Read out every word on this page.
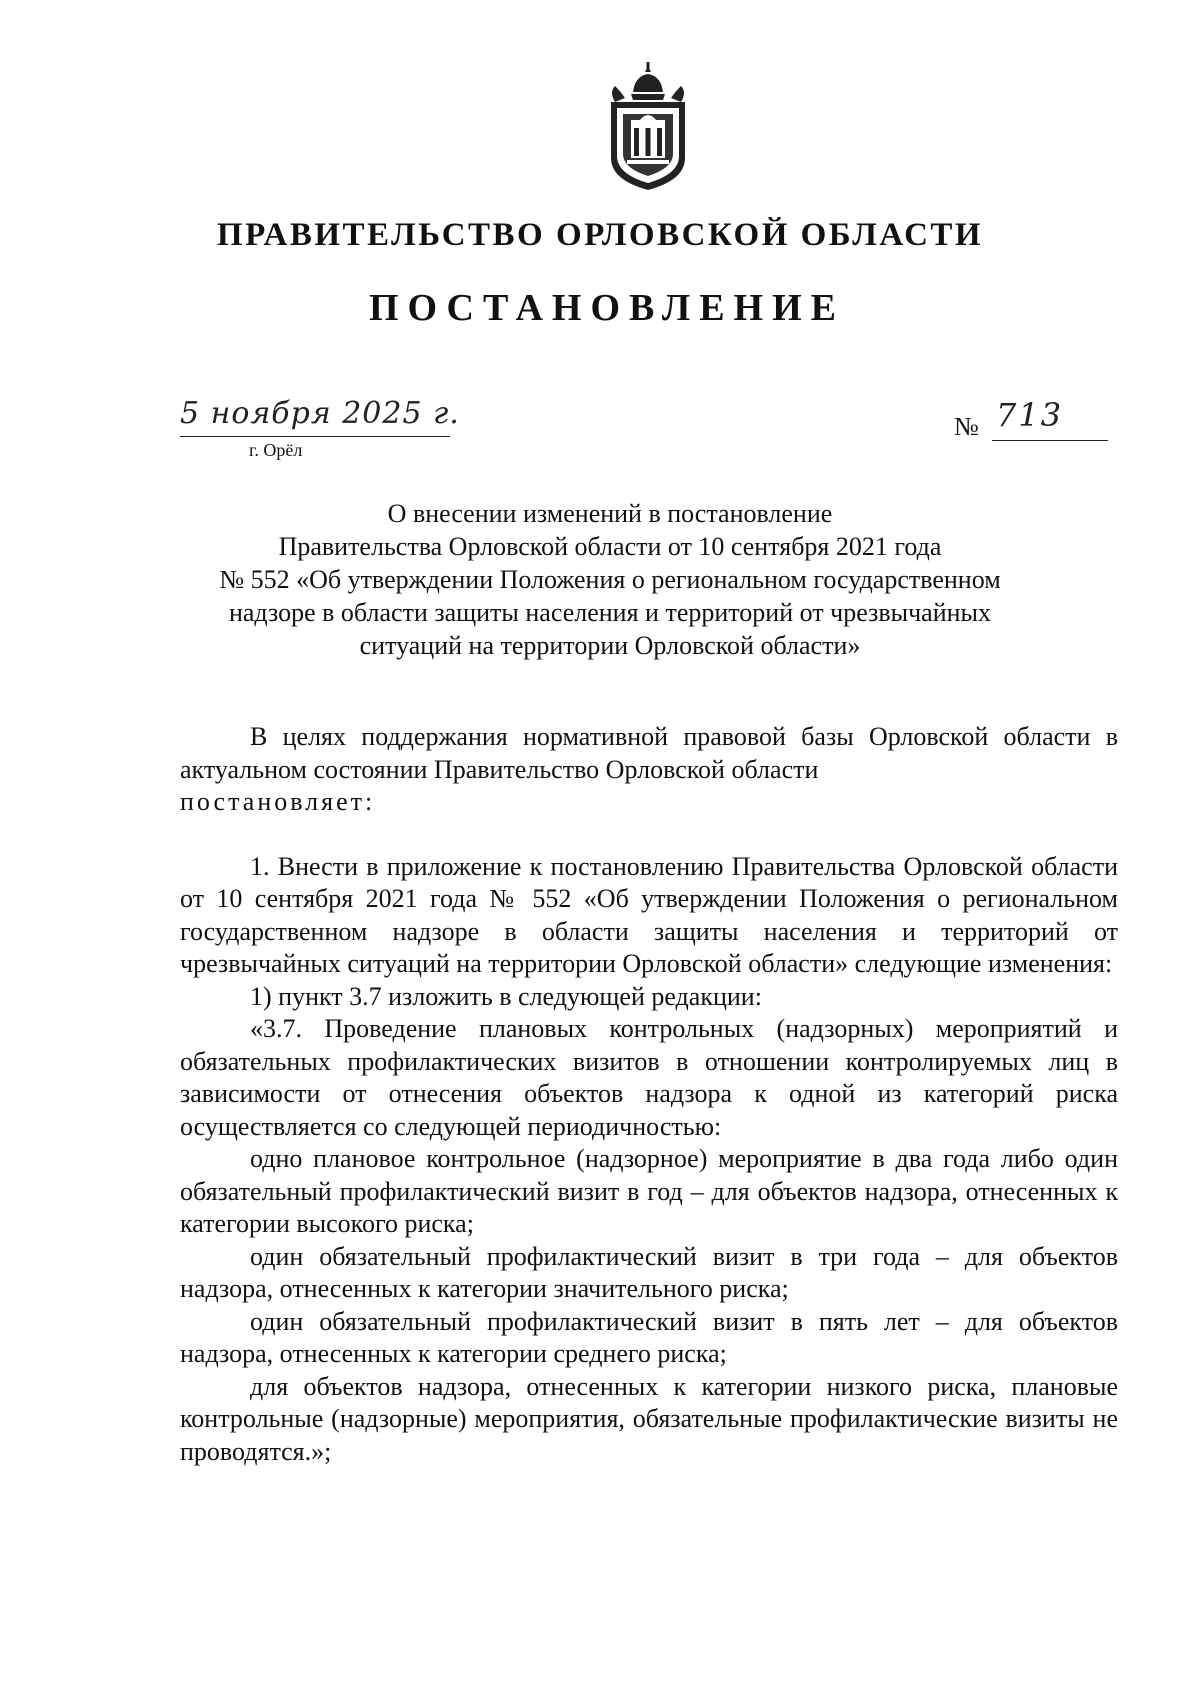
ПРАВИТЕЛЬСТВО ОРЛОВСКОЙ ОБЛАСТИ
ПОСТАНОВЛЕНИЕ
5 ноября 2025 г.
г. Орёл
№ 713
О внесении изменений в постановление
Правительства Орловской области от 10 сентября 2021 года
№ 552 «Об утверждении Положения о региональном государственном
надзоре в области защиты населения и территорий от чрезвычайных
ситуаций на территории Орловской области»

В целях поддержания нормативной правовой базы Орловской области в актуальном состоянии Правительство Орловской области

постановляет:

1. Внести в приложение к постановлению Правительства Орловской области от 10 сентября 2021 года № 552 «Об утверждении Положения о региональном государственном надзоре в области защиты населения и территорий от чрезвычайных ситуаций на территории Орловской области» следующие изменения:

1) пункт 3.7 изложить в следующей редакции:

«3.7. Проведение плановых контрольных (надзорных) мероприятий и обязательных профилактических визитов в отношении контролируемых лиц в зависимости от отнесения объектов надзора к одной из категорий риска осуществляется со следующей периодичностью:

одно плановое контрольное (надзорное) мероприятие в два года либо один обязательный профилактический визит в год – для объектов надзора, отнесенных к категории высокого риска;

один обязательный профилактический визит в три года – для объектов надзора, отнесенных к категории значительного риска;

один обязательный профилактический визит в пять лет – для объектов надзора, отнесенных к категории среднего риска;

для объектов надзора, отнесенных к категории низкого риска, плановые контрольные (надзорные) мероприятия, обязательные профилактические визиты не проводятся.»;
